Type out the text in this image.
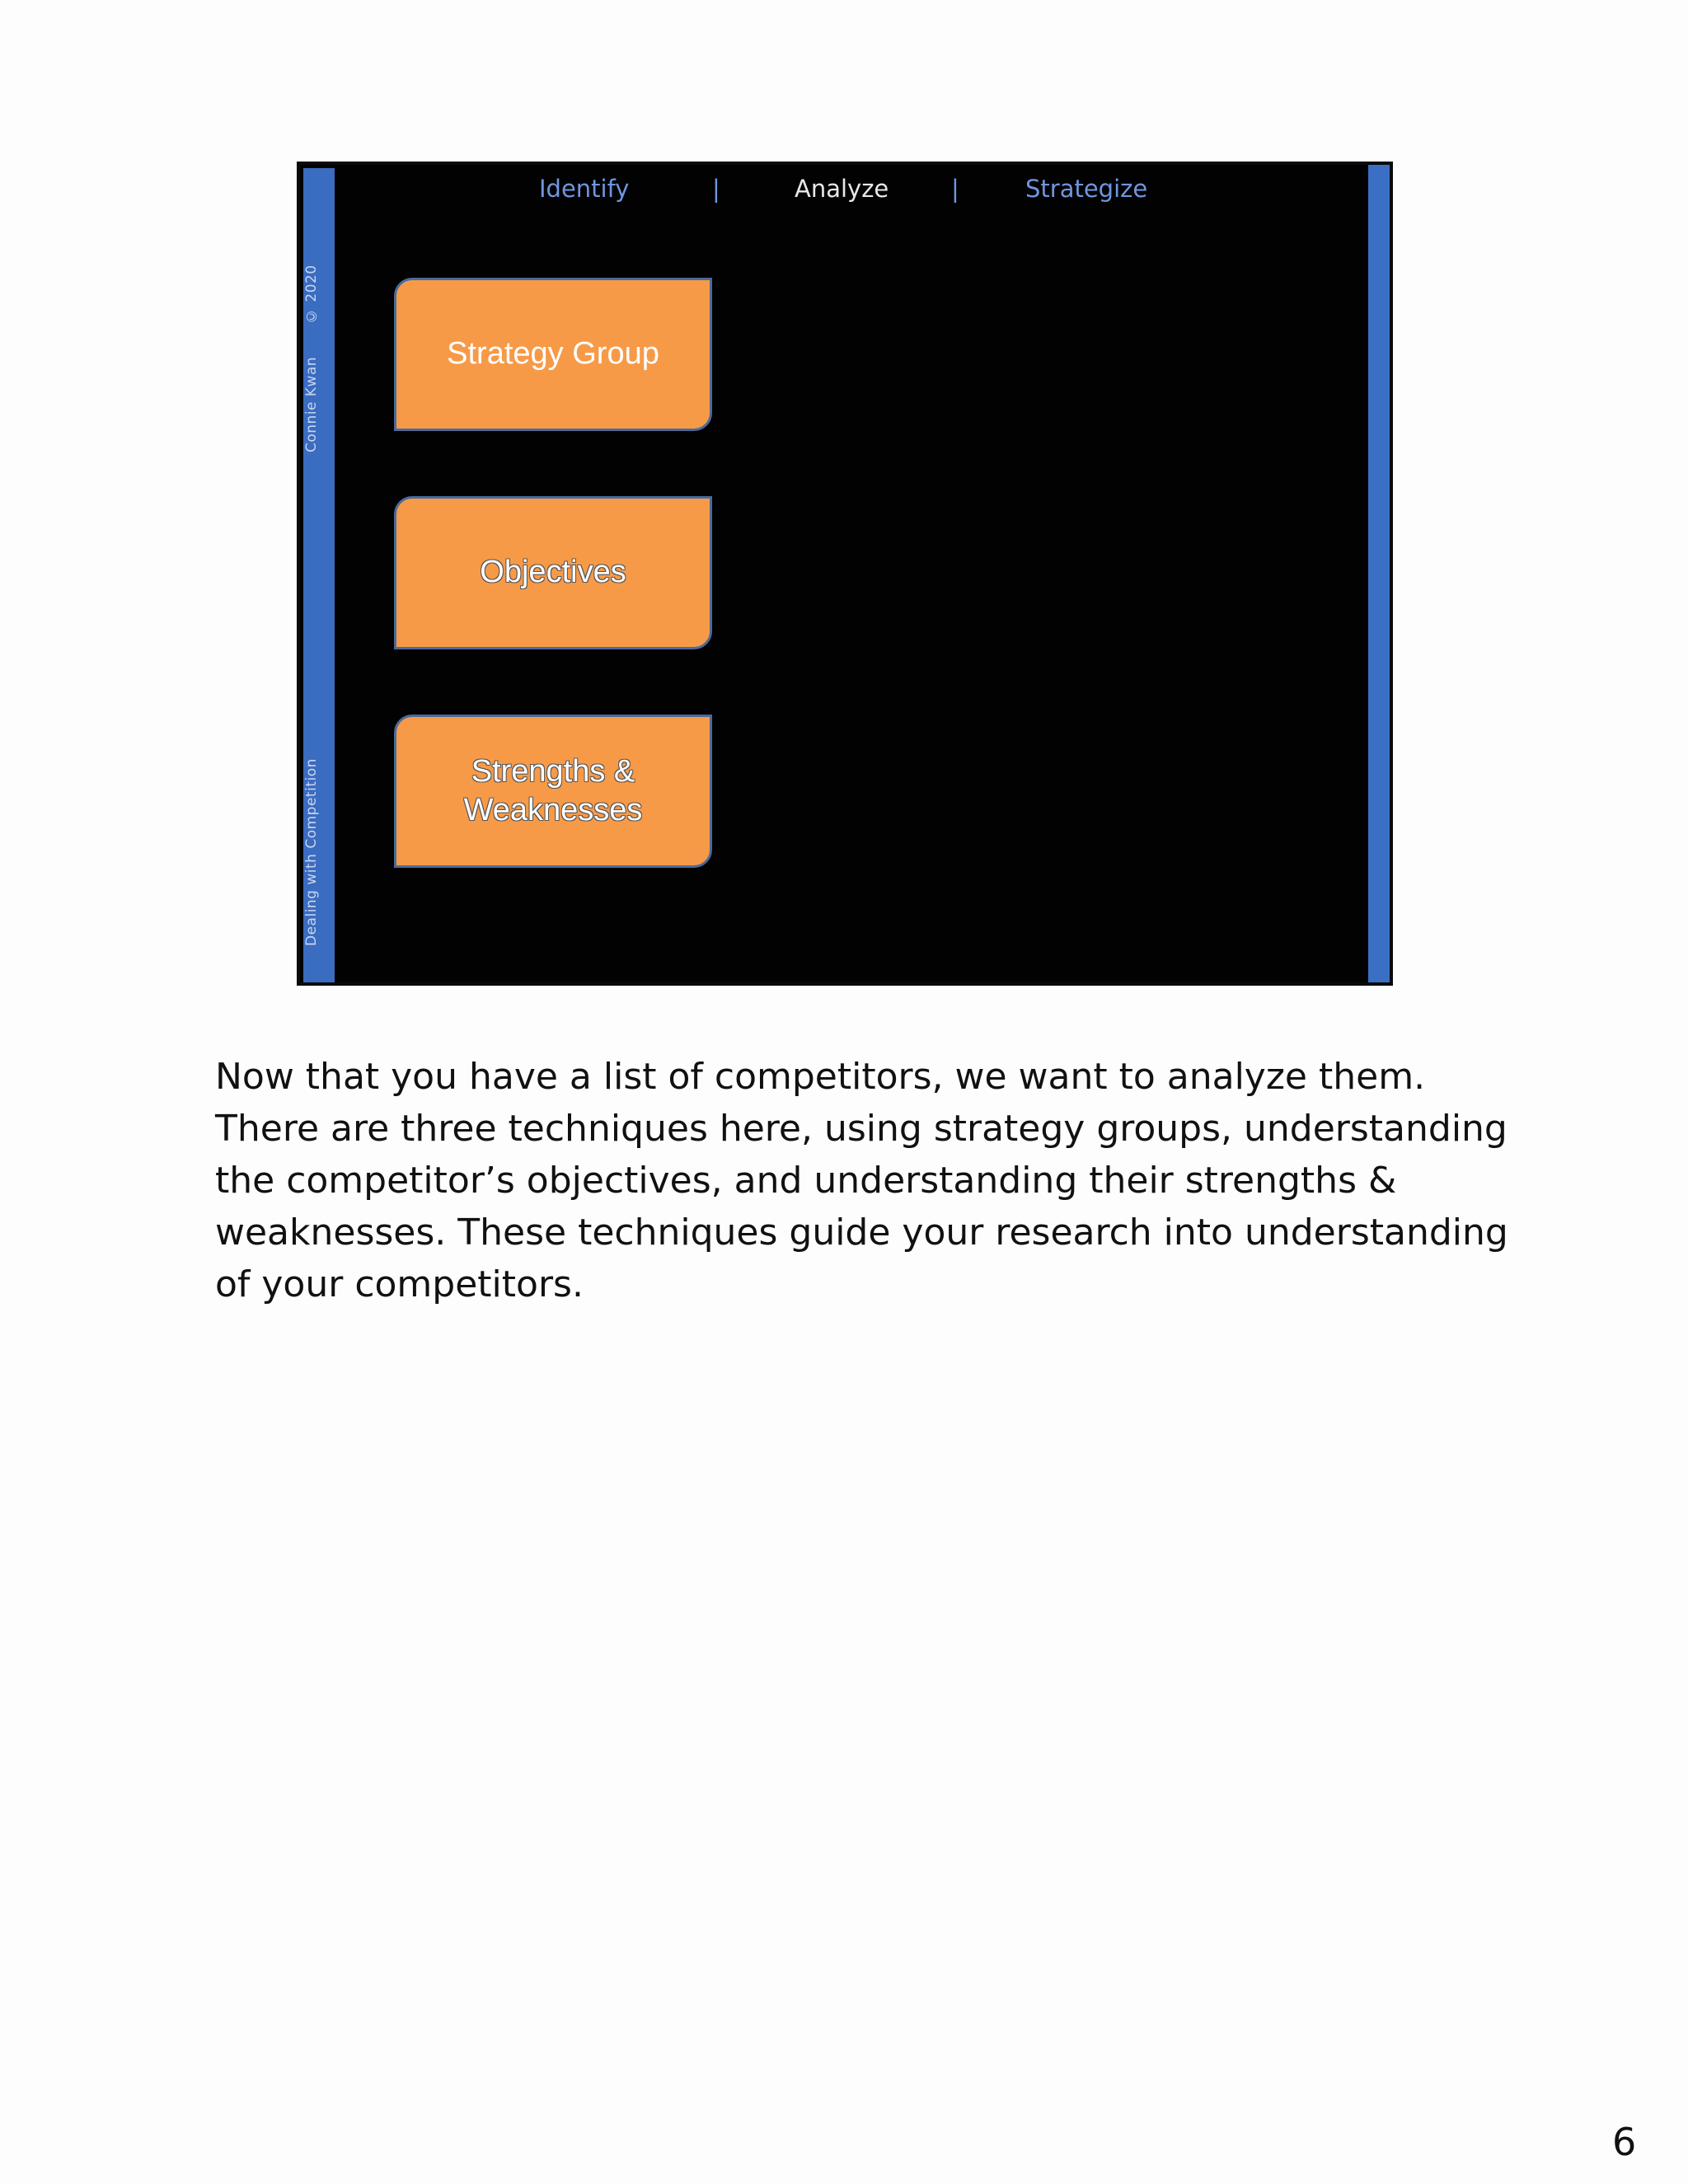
Connie Kwan
© 2020
Dealing with Competition
Identify	|	Analyze	|	Strategize
Strategy Group
Objectives
Strengths & Weaknesses

Now that you have a list of competitors, we want to analyze them. There are three techniques here, using strategy groups, understanding the competitor’s objectives, and understanding their strengths & weaknesses. These techniques guide your research into understanding of your competitors.

6
